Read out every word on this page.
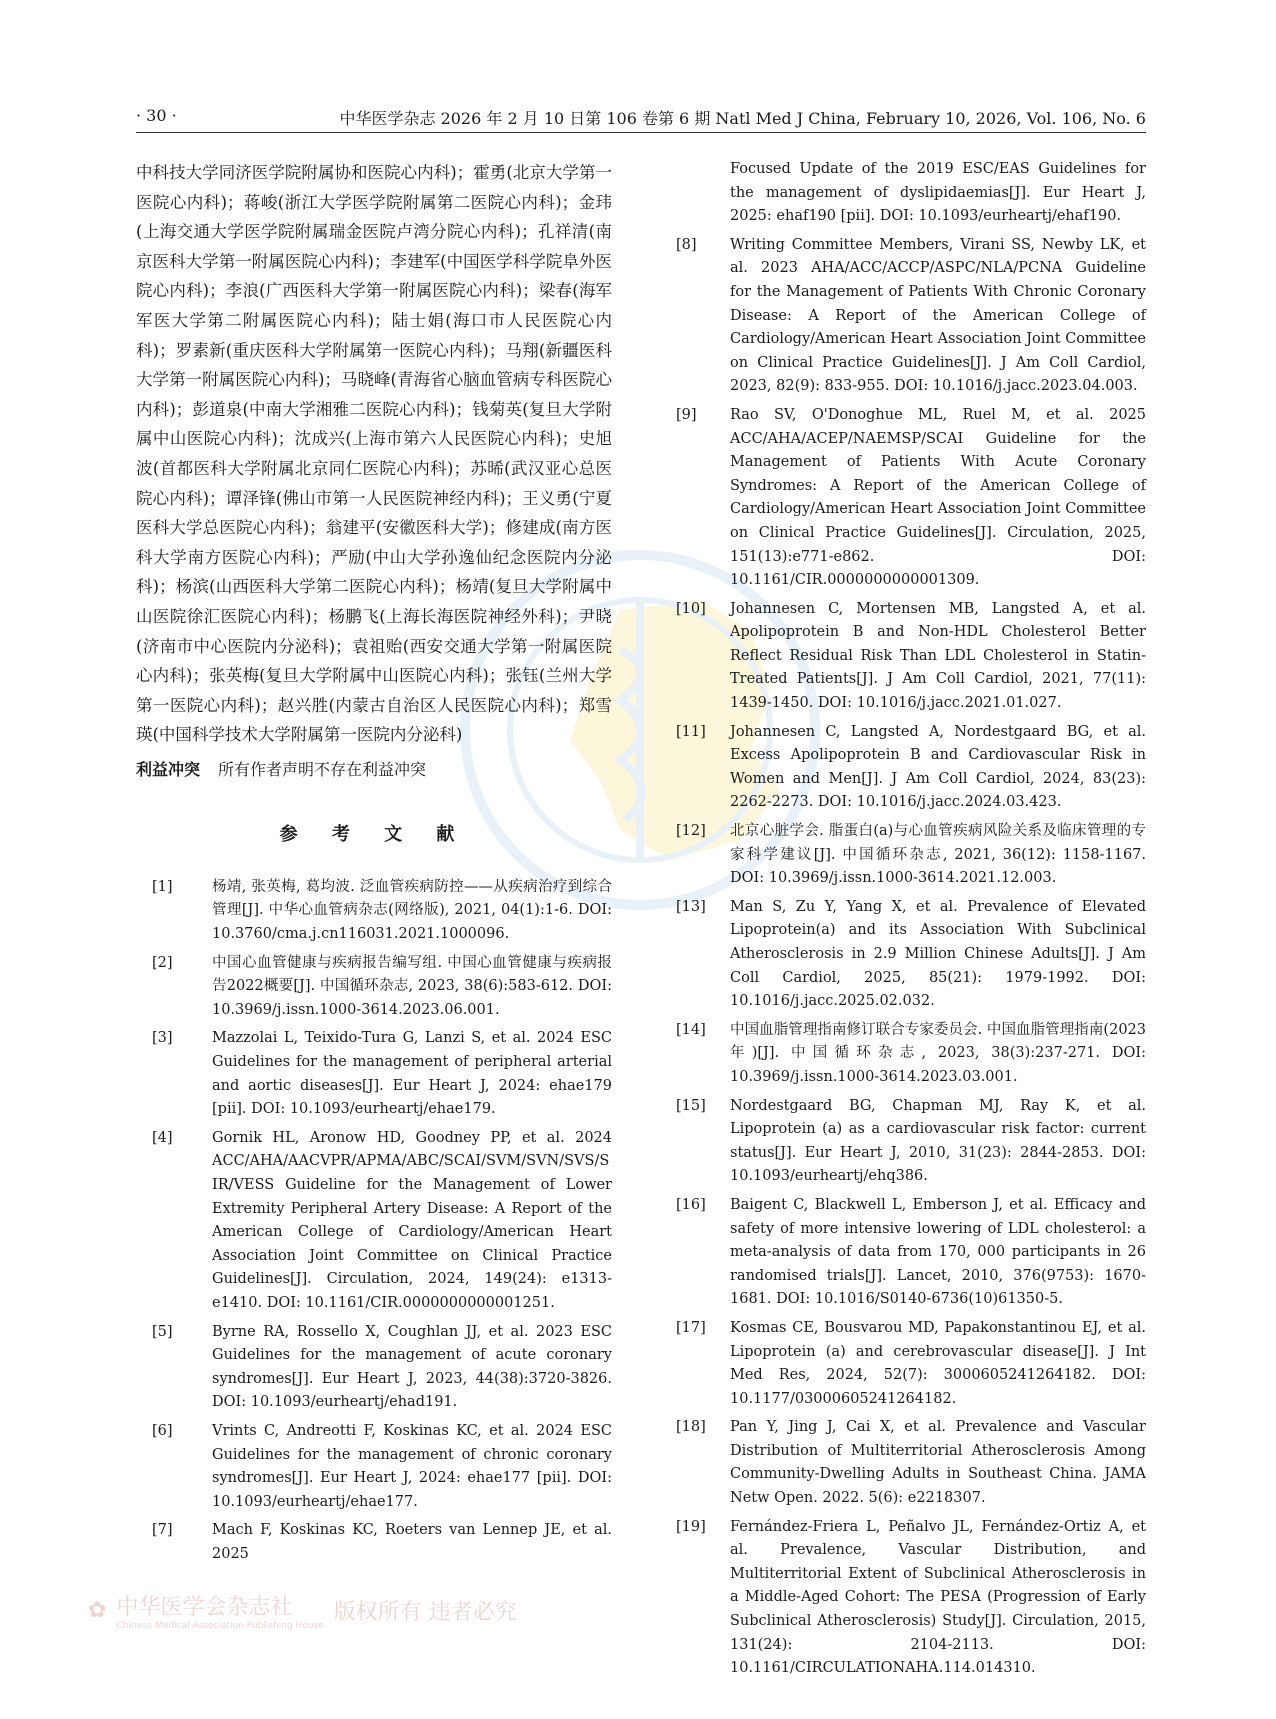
✿ 中华医学会杂志社
Chinese Medical Association Publishing House
版权所有 违者必究
· 30 ·	中华医学杂志 2026 年 2 月 10 日第 106 卷第 6 期 Natl Med J China, February 10, 2026, Vol. 106, No. 6

中科技大学同济医学院附属协和医院心内科)；霍勇(北京大学第一医院心内科)；蒋峻(浙江大学医学院附属第二医院心内科)；金玮(上海交通大学医学院附属瑞金医院卢湾分院心内科)；孔祥清(南京医科大学第一附属医院心内科)；李建军(中国医学科学院阜外医院心内科)；李浪(广西医科大学第一附属医院心内科)；梁春(海军军医大学第二附属医院心内科)；陆士娟(海口市人民医院心内科)；罗素新(重庆医科大学附属第一医院心内科)；马翔(新疆医科大学第一附属医院心内科)；马晓峰(青海省心脑血管病专科医院心内科)；彭道泉(中南大学湘雅二医院心内科)；钱菊英(复旦大学附属中山医院心内科)；沈成兴(上海市第六人民医院心内科)；史旭波(首都医科大学附属北京同仁医院心内科)；苏晞(武汉亚心总医院心内科)；谭泽锋(佛山市第一人民医院神经内科)；王义勇(宁夏医科大学总医院心内科)；翁建平(安徽医科大学)；修建成(南方医科大学南方医院心内科)；严励(中山大学孙逸仙纪念医院内分泌科)；杨滨(山西医科大学第二医院心内科)；杨靖(复旦大学附属中山医院徐汇医院心内科)；杨鹏飞(上海长海医院神经外科)；尹晓(济南市中心医院内分泌科)；袁祖贻(西安交通大学第一附属医院心内科)；张英梅(复旦大学附属中山医院心内科)；张钰(兰州大学第一医院心内科)；赵兴胜(内蒙古自治区人民医院心内科)；郑雪瑛(中国科学技术大学附属第一医院内分泌科)

利益冲突 所有作者声明不存在利益冲突
参 考 文 献
[1]	杨靖, 张英梅, 葛均波. 泛血管疾病防控——从疾病治疗到综合管理[J]. 中华心血管病杂志(网络版), 2021, 04(1):1-6. DOI: 10.3760/cma.j.cn116031.2021.1000096.
[2]	中国心血管健康与疾病报告编写组. 中国心血管健康与疾病报告2022概要[J]. 中国循环杂志, 2023, 38(6):583-612. DOI: 10.3969/j.issn.1000-3614.2023.06.001.
[3]	Mazzolai L, Teixido-Tura G, Lanzi S, et al. 2024 ESC Guidelines for the management of peripheral arterial and aortic diseases[J]. Eur Heart J, 2024: ehae179 [pii]. DOI: 10.1093/eurheartj/ehae179.
[4]	Gornik HL, Aronow HD, Goodney PP, et al. 2024 ACC/AHA/AACVPR/APMA/ABC/SCAI/SVM/SVN/SVS/SIR/VESS Guideline for the Management of Lower Extremity Peripheral Artery Disease: A Report of the American College of Cardiology/American Heart Association Joint Committee on Clinical Practice Guidelines[J]. Circulation, 2024, 149(24): e1313-e1410. DOI: 10.1161/CIR.0000000000001251.
[5]	Byrne RA, Rossello X, Coughlan JJ, et al. 2023 ESC Guidelines for the management of acute coronary syndromes[J]. Eur Heart J, 2023, 44(38):3720-3826. DOI: 10.1093/eurheartj/ehad191.
[6]	Vrints C, Andreotti F, Koskinas KC, et al. 2024 ESC Guidelines for the management of chronic coronary syndromes[J]. Eur Heart J, 2024: ehae177 [pii]. DOI: 10.1093/eurheartj/ehae177.
[7]	Mach F, Koskinas KC, Roeters van Lennep JE, et al. 2025
Focused Update of the 2019 ESC/EAS Guidelines for the management of dyslipidaemias[J]. Eur Heart J, 2025: ehaf190 [pii]. DOI: 10.1093/eurheartj/ehaf190.
[8]	Writing Committee Members, Virani SS, Newby LK, et al. 2023 AHA/ACC/ACCP/ASPC/NLA/PCNA Guideline for the Management of Patients With Chronic Coronary Disease: A Report of the American College of Cardiology/American Heart Association Joint Committee on Clinical Practice Guidelines[J]. J Am Coll Cardiol, 2023, 82(9): 833-955. DOI: 10.1016/j.jacc.2023.04.003.
[9]	Rao SV, O'Donoghue ML, Ruel M, et al. 2025 ACC/AHA/ACEP/NAEMSP/SCAI Guideline for the Management of Patients With Acute Coronary Syndromes: A Report of the American College of Cardiology/American Heart Association Joint Committee on Clinical Practice Guidelines[J]. Circulation, 2025, 151(13):e771-e862. DOI: 10.1161/CIR.0000000000001309.
[10]	Johannesen C, Mortensen MB, Langsted A, et al. Apolipoprotein B and Non-HDL Cholesterol Better Reflect Residual Risk Than LDL Cholesterol in Statin-Treated Patients[J]. J Am Coll Cardiol, 2021, 77(11): 1439-1450. DOI: 10.1016/j.jacc.2021.01.027.
[11]	Johannesen C, Langsted A, Nordestgaard BG, et al. Excess Apolipoprotein B and Cardiovascular Risk in Women and Men[J]. J Am Coll Cardiol, 2024, 83(23): 2262-2273. DOI: 10.1016/j.jacc.2024.03.423.
[12]	北京心脏学会. 脂蛋白(a)与心血管疾病风险关系及临床管理的专家科学建议[J]. 中国循环杂志, 2021, 36(12): 1158-1167. DOI: 10.3969/j.issn.1000-3614.2021.12.003.
[13]	Man S, Zu Y, Yang X, et al. Prevalence of Elevated Lipoprotein(a) and its Association With Subclinical Atherosclerosis in 2.9 Million Chinese Adults[J]. J Am Coll Cardiol, 2025, 85(21): 1979-1992. DOI: 10.1016/j.jacc.2025.02.032.
[14]	中国血脂管理指南修订联合专家委员会. 中国血脂管理指南(2023年)[J]. 中国循环杂志, 2023, 38(3):237-271. DOI: 10.3969/j.issn.1000-3614.2023.03.001.
[15]	Nordestgaard BG, Chapman MJ, Ray K, et al. Lipoprotein (a) as a cardiovascular risk factor: current status[J]. Eur Heart J, 2010, 31(23): 2844-2853. DOI: 10.1093/eurheartj/ehq386.
[16]	Baigent C, Blackwell L, Emberson J, et al. Efficacy and safety of more intensive lowering of LDL cholesterol: a meta-analysis of data from 170, 000 participants in 26 randomised trials[J]. Lancet, 2010, 376(9753): 1670-1681. DOI: 10.1016/S0140-6736(10)61350-5.
[17]	Kosmas CE, Bousvarou MD, Papakonstantinou EJ, et al. Lipoprotein (a) and cerebrovascular disease[J]. J Int Med Res, 2024, 52(7): 3000605241264182. DOI: 10.1177/03000605241264182.
[18]	Pan Y, Jing J, Cai X, et al. Prevalence and Vascular Distribution of Multiterritorial Atherosclerosis Among Community-Dwelling Adults in Southeast China. JAMA Netw Open. 2022. 5(6): e2218307.
[19]	Fernández-Friera L, Peñalvo JL, Fernández-Ortiz A, et al. Prevalence, Vascular Distribution, and Multiterritorial Extent of Subclinical Atherosclerosis in a Middle-Aged Cohort: The PESA (Progression of Early Subclinical Atherosclerosis) Study[J]. Circulation, 2015, 131(24): 2104-2113. DOI: 10.1161/CIRCULATIONAHA.114.014310.
